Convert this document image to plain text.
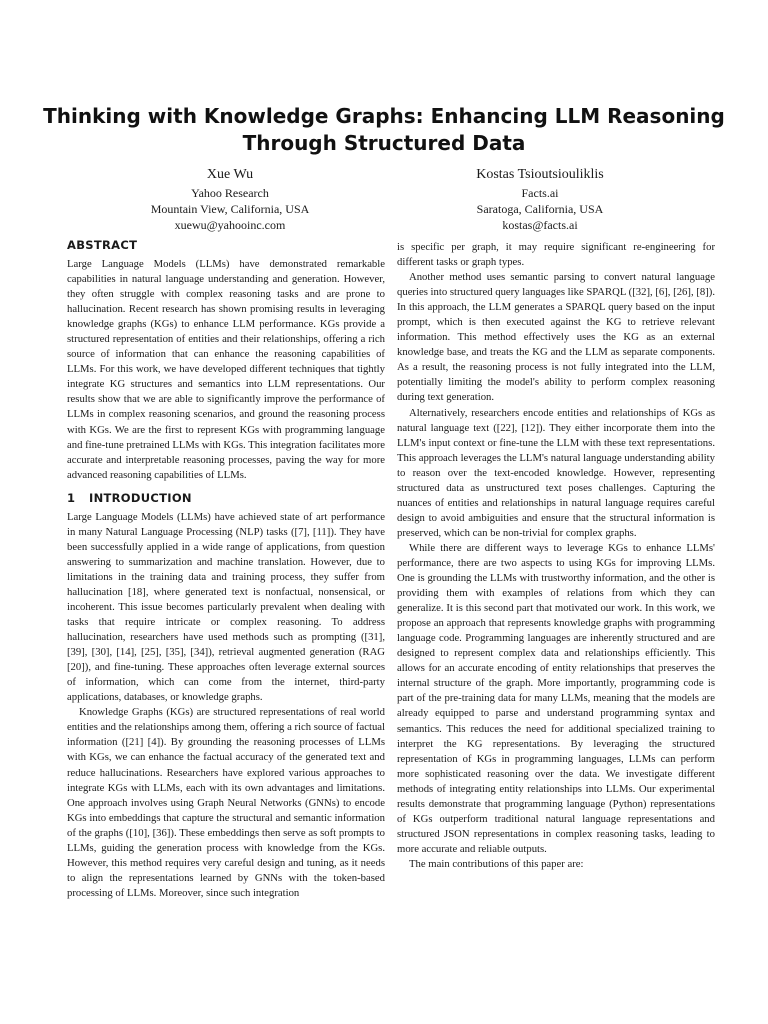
Thinking with Knowledge Graphs: Enhancing LLM Reasoning Through Structured Data
Xue Wu
Yahoo Research
Mountain View, California, USA
xuewu@yahooinc.com
Kostas Tsioutsiouliklis
Facts.ai
Saratoga, California, USA
kostas@facts.ai
ABSTRACT

Large Language Models (LLMs) have demonstrated remarkable capabilities in natural language understanding and generation. However, they often struggle with complex reasoning tasks and are prone to hallucination. Recent research has shown promising results in leveraging knowledge graphs (KGs) to enhance LLM performance. KGs provide a structured representation of entities and their relationships, offering a rich source of information that can enhance the reasoning capabilities of LLMs. For this work, we have developed different techniques that tightly integrate KG structures and semantics into LLM representations. Our results show that we are able to significantly improve the performance of LLMs in complex reasoning scenarios, and ground the reasoning process with KGs. We are the first to represent KGs with programming language and fine-tune pretrained LLMs with KGs. This integration facilitates more accurate and interpretable reasoning processes, paving the way for more advanced reasoning capabilities of LLMs.

1 INTRODUCTION

Large Language Models (LLMs) have achieved state of art performance in many Natural Language Processing (NLP) tasks ([7], [11]). They have been successfully applied in a wide range of applications, from question answering to summarization and machine translation. However, due to limitations in the training data and training process, they suffer from hallucination [18], where generated text is nonfactual, nonsensical, or incoherent. This issue becomes particularly prevalent when dealing with tasks that require intricate or complex reasoning. To address hallucination, researchers have used methods such as prompting ([31], [39], [30], [14], [25], [35], [34]), retrieval augmented generation (RAG [20]), and fine-tuning. These approaches often leverage external sources of information, which can come from the internet, third-party applications, databases, or knowledge graphs.

Knowledge Graphs (KGs) are structured representations of real world entities and the relationships among them, offering a rich source of factual information ([21] [4]). By grounding the reasoning processes of LLMs with KGs, we can enhance the factual accuracy of the generated text and reduce hallucinations. Researchers have explored various approaches to integrate KGs with LLMs, each with its own advantages and limitations. One approach involves using Graph Neural Networks (GNNs) to encode KGs into embeddings that capture the structural and semantic information of the graphs ([10], [36]). These embeddings then serve as soft prompts to LLMs, guiding the generation process with knowledge from the KGs. However, this method requires very careful design and tuning, as it needs to align the representations learned by GNNs with the token-based processing of LLMs. Moreover, since such integration

is specific per graph, it may require significant re-engineering for different tasks or graph types.

Another method uses semantic parsing to convert natural language queries into structured query languages like SPARQL ([32], [6], [26], [8]). In this approach, the LLM generates a SPARQL query based on the input prompt, which is then executed against the KG to retrieve relevant information. This method effectively uses the KG as an external knowledge base, and treats the KG and the LLM as separate components. As a result, the reasoning process is not fully integrated into the LLM, potentially limiting the model's ability to perform complex reasoning during text generation.

Alternatively, researchers encode entities and relationships of KGs as natural language text ([22], [12]). They either incorporate them into the LLM's input context or fine-tune the LLM with these text representations. This approach leverages the LLM's natural language understanding ability to reason over the text-encoded knowledge. However, representing structured data as unstructured text poses challenges. Capturing the nuances of entities and relationships in natural language requires careful design to avoid ambiguities and ensure that the structural information is preserved, which can be non-trivial for complex graphs.

While there are different ways to leverage KGs to enhance LLMs' performance, there are two aspects to using KGs for improving LLMs. One is grounding the LLMs with trustworthy information, and the other is providing them with examples of relations from which they can generalize. It is this second part that motivated our work. In this work, we propose an approach that represents knowledge graphs with programming language code. Programming languages are inherently structured and are designed to represent complex data and relationships efficiently. This allows for an accurate encoding of entity relationships that preserves the internal structure of the graph. More importantly, programming code is part of the pre-training data for many LLMs, meaning that the models are already equipped to parse and understand programming syntax and semantics. This reduces the need for additional specialized training to interpret the KG representations. By leveraging the structured representation of KGs in programming languages, LLMs can perform more sophisticated reasoning over the data. We investigate different methods of integrating entity relationships into LLMs. Our experimental results demonstrate that programming language (Python) representations of KGs outperform traditional natural language representations and structured JSON representations in complex reasoning tasks, leading to more accurate and reliable outputs.

The main contributions of this paper are:
